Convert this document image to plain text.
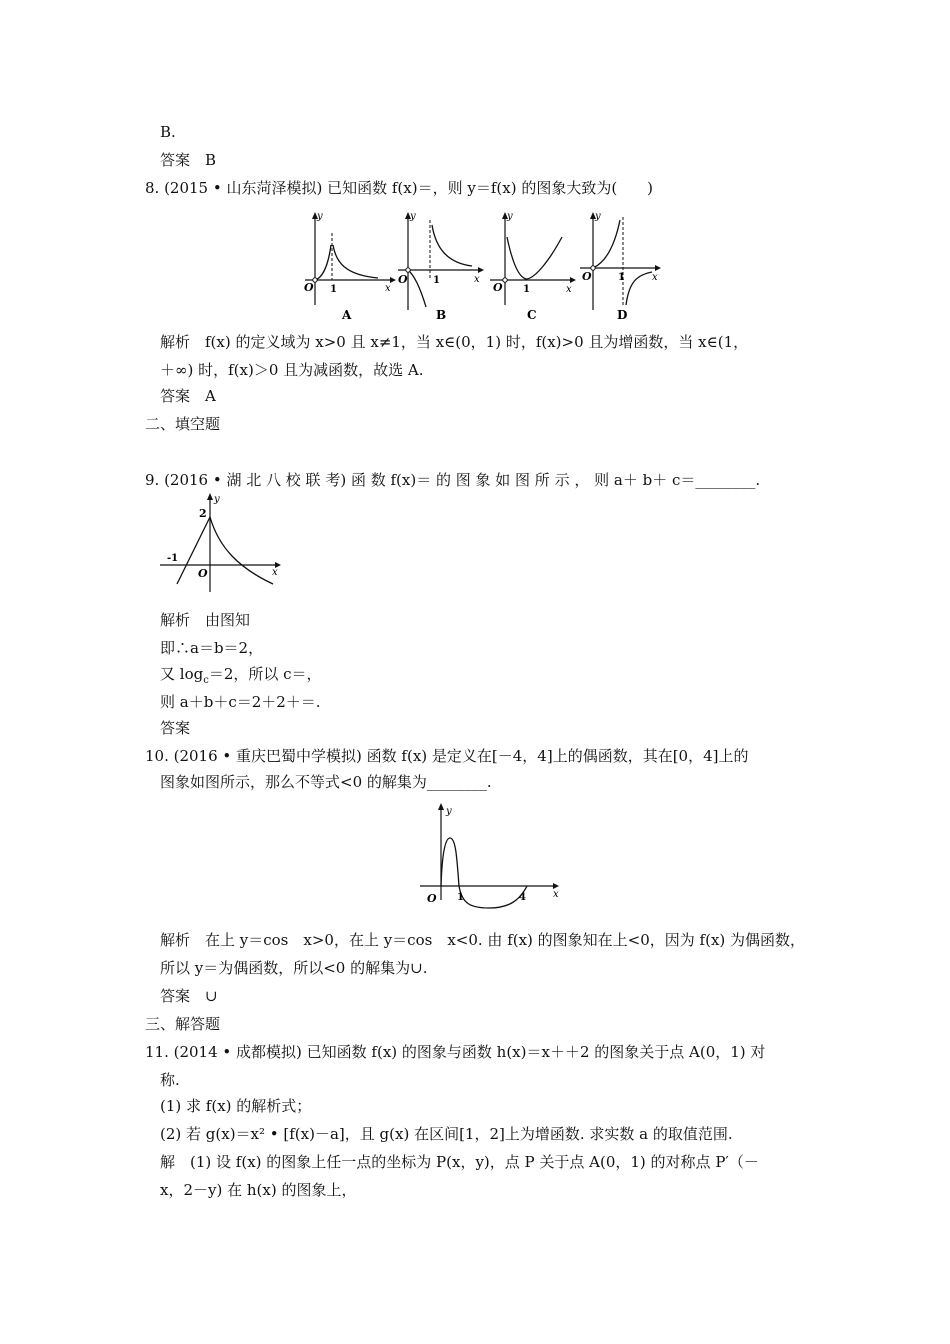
B.
答案　B
8. (2015 • 山东菏泽模拟) 已知函数 f(x)＝，则 y＝f(x) 的图象大致为(　　)
y
x
O 1
A
y
x
O	1
B
y
x
O 1
C
y
x
O	1
D
解析　f(x) 的定义域为 x>0 且 x≠1，当 x∈(0，1) 时，f(x)>0 且为增函数，当 x∈(1，
＋∞) 时，f(x)＞0 且为减函数，故选 A.
答案　A
二、填空题
9. (2016 • 湖 北 八 校 联 考) 函 数 f(x)＝ 的 图 象 如 图 所 示 ， 则 a＋ b＋ c＝________.
y
x
O
2
-1
解析　由图知
即∴a＝b＝2，
又 $\log_c=2$，所以 c＝，
则 a＋b＋c＝2＋2＋＝.
答案
10. (2016 • 重庆巴蜀中学模拟) 函数 f(x) 是定义在[－4，4]上的偶函数，其在[0，4]上的
图象如图所示，那么不等式<0 的解集为________.
y
x
O 1	4
解析　在上 y＝cos　x>0，在上 y＝cos　x<0. 由 f(x) 的图象知在上<0，因为 f(x) 为偶函数，
所以 y＝为偶函数，所以<0 的解集为∪.
答案　∪
三、解答题
11. (2014 • 成都模拟) 已知函数 f(x) 的图象与函数 h(x)＝x＋＋2 的图象关于点 A(0，1) 对
称.
(1) 求 f(x) 的解析式；
(2) 若 g(x)＝x² • [f(x)－a]，且 g(x) 在区间[1，2]上为增函数. 求实数 a 的取值范围.
解　(1) 设 f(x) 的图象上任一点的坐标为 P(x，y)，点 P 关于点 A(0，1) 的对称点 P′（－
x，2－y) 在 h(x) 的图象上，
